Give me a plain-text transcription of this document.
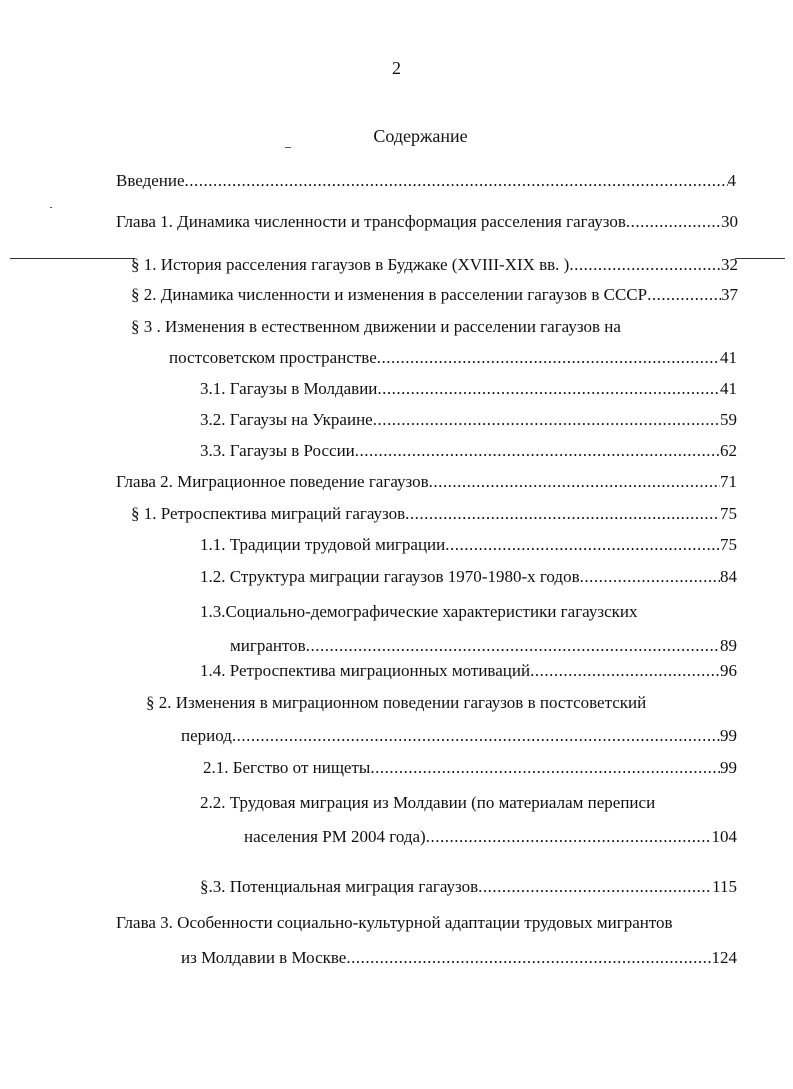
2
Содержание
Введение .....	4
Глава 1. Динамика численности и трансформация расселения гагаузов .....	30
§ 1. История расселения гагаузов в Буджаке (XVIII-XIX вв. ) .....	32
§ 2. Динамика численности и изменения в расселении гагаузов в СССР .....	37
§ 3 . Изменения в естественном движении и расселении гагаузов на
постсоветском пространстве .....	41
3.1. Гагаузы в Молдавии .....	41
3.2. Гагаузы на Украине .....	59
3.3. Гагаузы в России .....	62
Глава 2. Миграционное поведение гагаузов .....	71
§ 1. Ретроспектива миграций гагаузов .....	75
1.1. Традиции трудовой миграции .....	75
1.2. Структура миграции гагаузов 1970-1980-х годов .....	84
1.3.Социально-демографические характеристики гагаузских
мигрантов .....	89
1.4. Ретроспектива миграционных мотиваций .....	96
§ 2. Изменения в миграционном поведении гагаузов в постсоветский
период .....	99
2.1. Бегство от нищеты .....	99
2.2. Трудовая миграция из Молдавии (по материалам переписи
населения РМ 2004 года) .....	104
§.3. Потенциальная миграция гагаузов .....	115
Глава 3. Особенности социально-культурной адаптации трудовых мигрантов
из Молдавии в Москве .....	124
